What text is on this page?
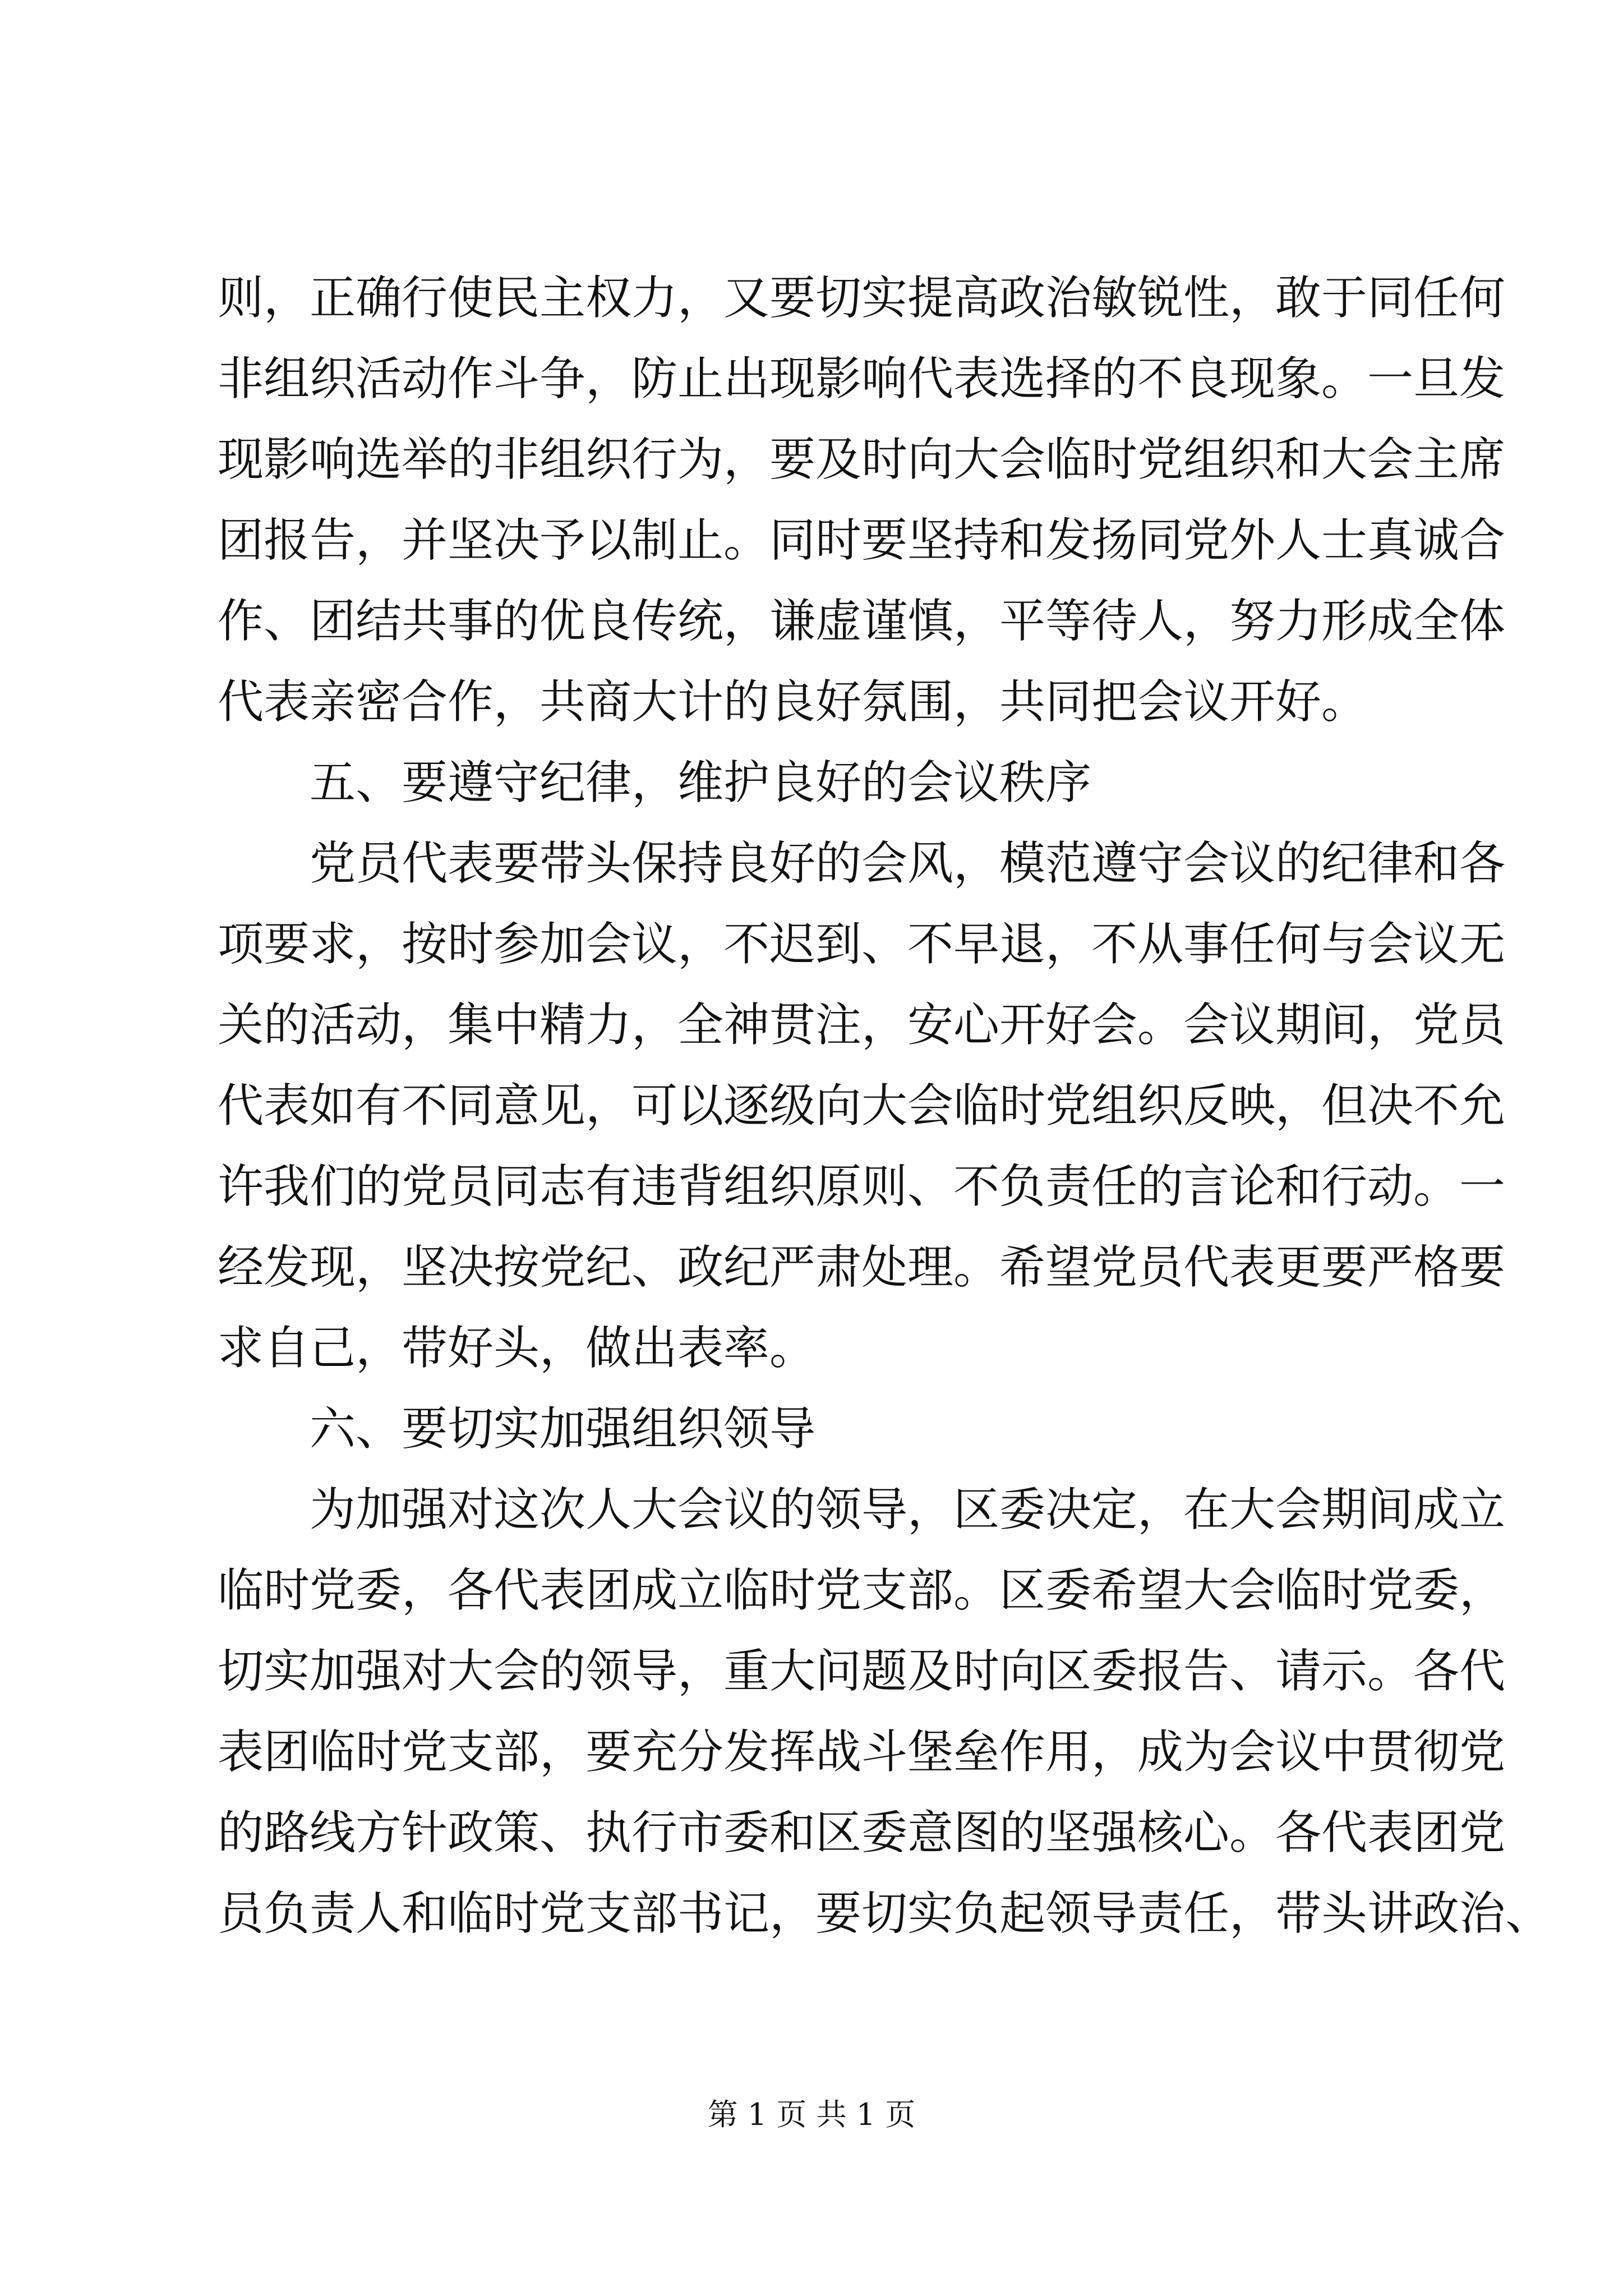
则，正确行使民主权力，又要切实提高政治敏锐性，敢于同任何
非组织活动作斗争，防止出现影响代表选择的不良现象。一旦发
现影响选举的非组织行为，要及时向大会临时党组织和大会主席
团报告，并坚决予以制止。同时要坚持和发扬同党外人士真诚合
作、团结共事的优良传统，谦虚谨慎，平等待人，努力形成全体
代表亲密合作，共商大计的良好氛围，共同把会议开好。
五、要遵守纪律，维护良好的会议秩序
党员代表要带头保持良好的会风，模范遵守会议的纪律和各
项要求，按时参加会议，不迟到、不早退，不从事任何与会议无
关的活动，集中精力，全神贯注，安心开好会。会议期间，党员
代表如有不同意见，可以逐级向大会临时党组织反映，但决不允
许我们的党员同志有违背组织原则、不负责任的言论和行动。一
经发现，坚决按党纪、政纪严肃处理。希望党员代表更要严格要
求自己，带好头，做出表率。
六、要切实加强组织领导
为加强对这次人大会议的领导，区委决定，在大会期间成立
临时党委，各代表团成立临时党支部。区委希望大会临时党委，
切实加强对大会的领导，重大问题及时向区委报告、请示。各代
表团临时党支部，要充分发挥战斗堡垒作用，成为会议中贯彻党
的路线方针政策、执行市委和区委意图的坚强核心。各代表团党
员负责人和临时党支部书记，要切实负起领导责任，带头讲政治、
第 1 页 共 1 页
